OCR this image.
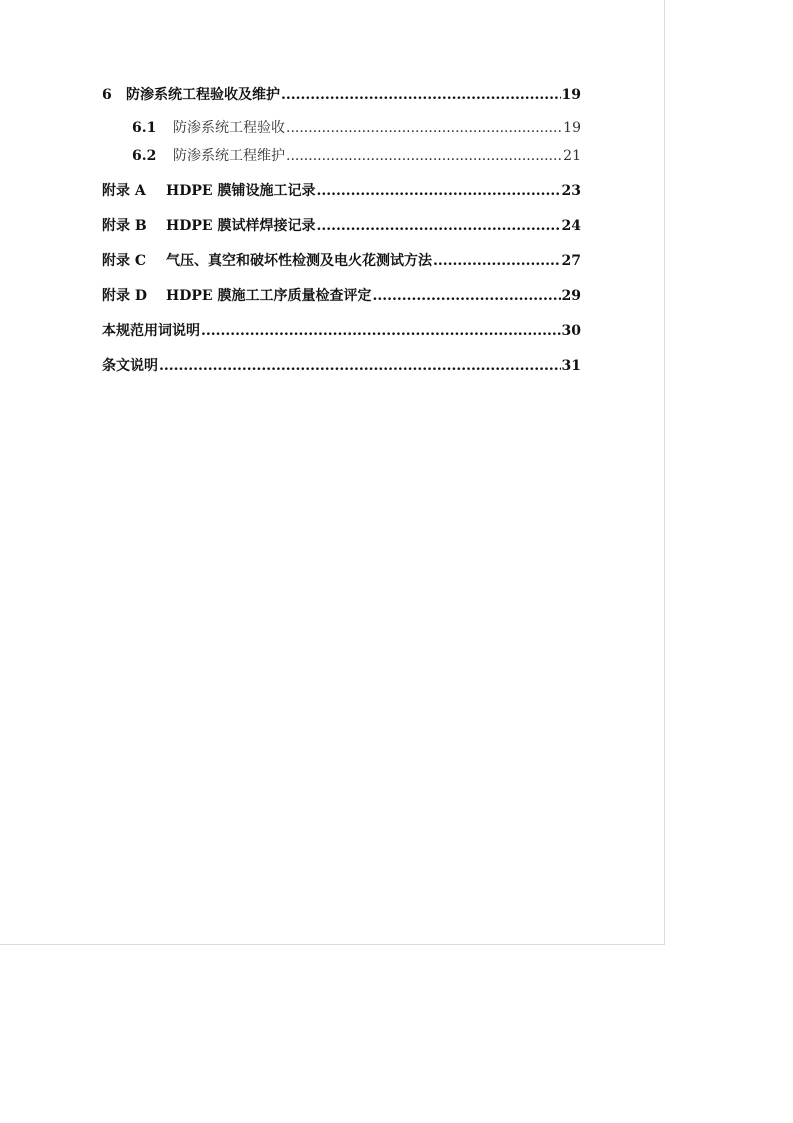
6	防渗系统工程验收及维护 .....	19
6.1	防渗系统工程验收 .....	19
6.2	防渗系统工程维护 .....	21
附录 A	HDPE 膜铺设施工记录 .....	23
附录 B	HDPE 膜试样焊接记录 .....	24
附录 C	气压、真空和破坏性检测及电火花测试方法 .....	27
附录 D	HDPE 膜施工工序质量检查评定 .....	29
本规范用词说明 .....	30
条文说明 .....	31
